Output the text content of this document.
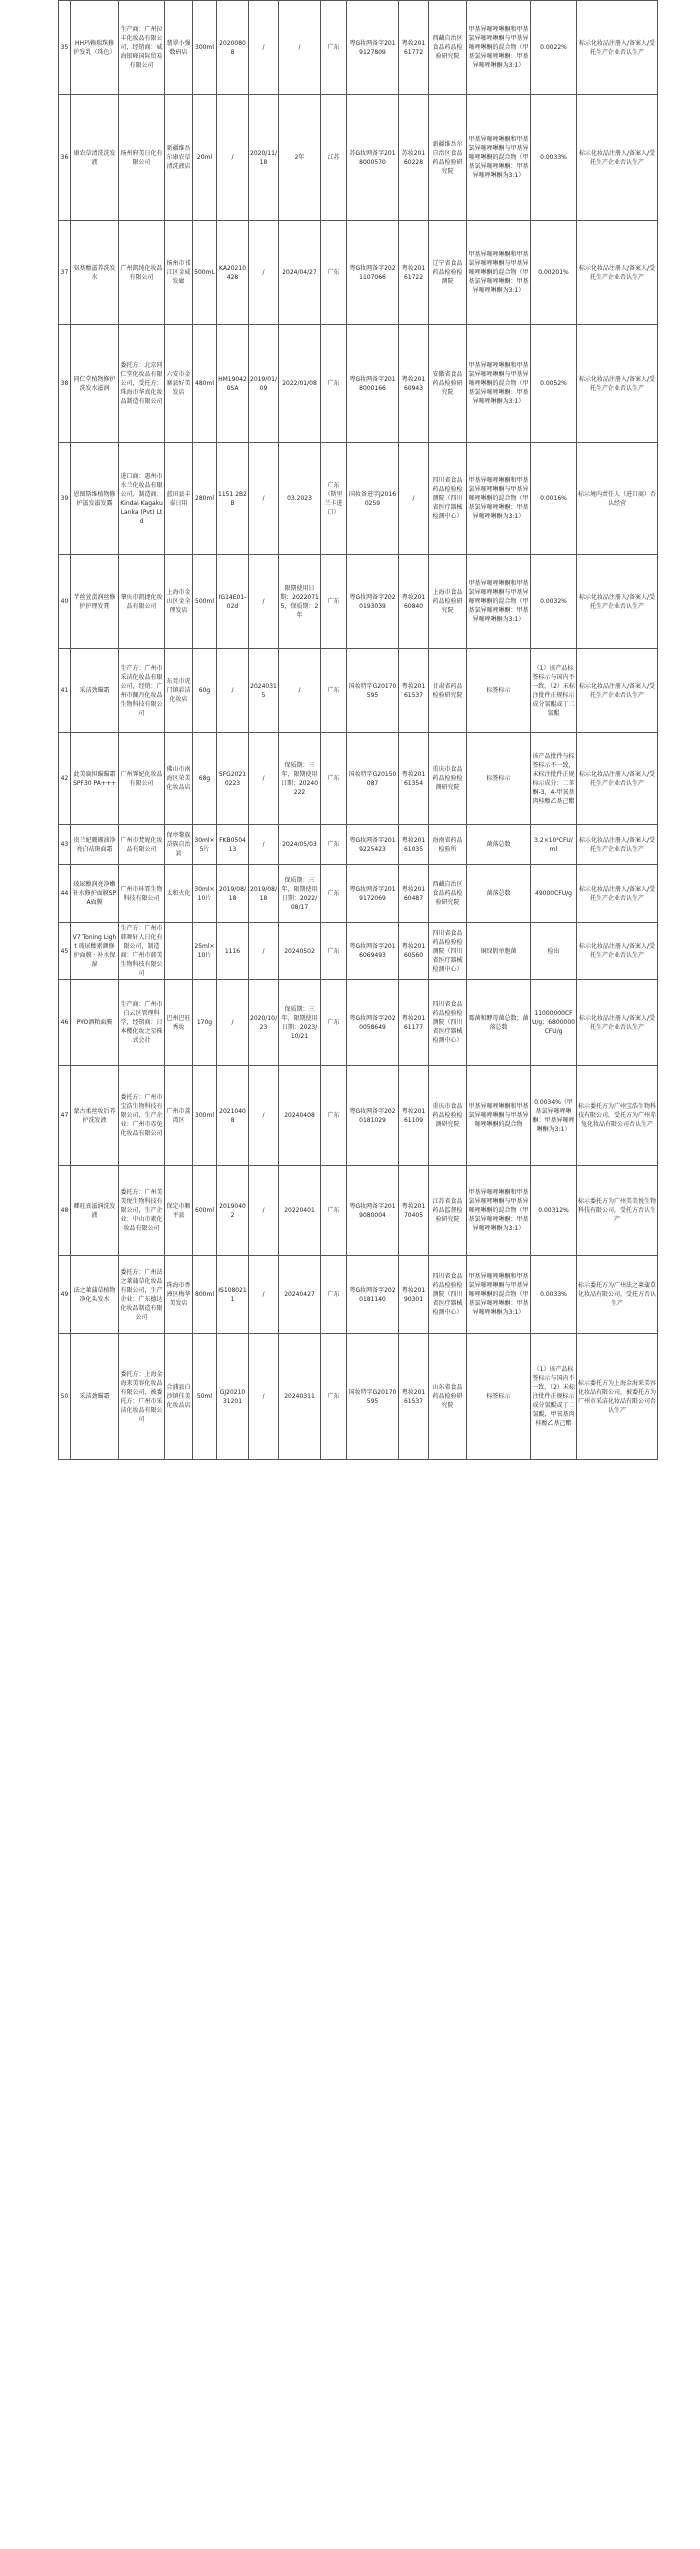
35	HH玛赖瑞珠修护发乳（珠色）	生产商：广州拉丰化妆品有限公司，经销商：威海银峰国际贸易有限公司	翡翠小强数码店	300ml	20200808	/	/	广东	粤G妆网备字2019127809	粤妆20161772	西藏自治区食品药品检验研究院	甲基异噻唑啉酮和甲基氯异噻唑啉酮与甲基异噻唑啉酮的混合物（甲基氯异噻唑啉酮：甲基异噻唑啉酮为3:1）	0.0022%	标示化妆品注册人/备案人/受托生产企业否认生产
36	康农草清洗洗发液	扬州府美日化有限公司	新疆维吾尔康农草清洗液店	20ml	/	2020/11/18	2年	江苏	苏G妆网备字2018000570	苏妆20160228	新疆维吾尔自治区食品药品检验研究院	甲基异噻唑啉酮和甲基氯异噻唑啉酮与甲基异噻唑啉酮的混合物（甲基氯异噻唑啉酮：甲基异噻唑啉酮为3:1）	0.0033%	标示化妆品注册人/备案人/受托生产企业否认生产
37	氨基酸滋养洗发水	广州凯纯化妆品有限公司	扬州市邗江区金威发廊	500mL	KA20210428	/	2024/04/27	广东	粤G妆网备字2021107066	粤妆20161722	辽宁省食品药品检验检测院	甲基异噻唑啉酮和甲基氯异噻唑啉酮与甲基异噻唑啉酮的混合物（甲基氯异噻唑啉酮：甲基异噻唑啉酮为3:1）	0.00201%	标示化妆品注册人/备案人/受托生产企业否认生产
38	同仁堂植物修护洗发水滋润	委托方：北京同仁堂化妆品有限公司，受托方：珠海市华真化妆品制造有限公司	六安市金寨县好美发店	480ml	HM190420SA	2019/01/09	2022/01/08	广东	粤G妆网备字2018000166	粤妆20160943	安徽省食品药品检验研究院	甲基异噻唑啉酮和甲基氯异噻唑啉酮与甲基异噻唑啉酮的混合物（甲基氯异噻唑啉酮：甲基异噻唑啉酮为3:1）	0.0052%	标示化妆品注册人/备案人/受托生产企业否认生产
39	恩图斯维植物修护滋发滋发露	进口商：惠州市水兰化妆品有限公司，制造商：Kindai Kagaku Lanka (Pvt) Ltd	蓝田县丰泰日用	280ml	1151 2B2B	/	03.2023	广东（斯里兰卡进口）	国妆备进字J20160259	/	四川省食品药品检验检测院（四川省医疗器械检测中心）	甲基异噻唑啉酮和甲基氯异噻唑啉酮与甲基异噻唑啉酮的混合物（甲基氯异噻唑啉酮：甲基异噻唑啉酮为3:1）	0.0016%	标示境内责任人（进口商）否认经营
40	芊丝萱蛋润丝修护护理发膏	肇庆市凯捷化妆品有限公司	上海市金山区金全理发店	500ml	IG14E01-02d	/	限期使用日期：20220715，保质期：2年	广东	粤G妆网备字2020193039	粤妆20160840	上海市食品药品检验研究院	甲基异噻唑啉酮和甲基氯异噻唑啉酮与甲基异噻唑啉酮的混合物（甲基氯异噻唑啉酮：甲基异噻唑啉酮为3:1）	0.0032%	标示化妆品注册人/备案人/受托生产企业否认生产
41	采洁劲瞄霜	生产方：广州市采洁化妆品有限公司，经销：广州市佩丹化妆品生物科技有限公司	东莞市虎门镇彩洁化妆店	60g	/	20240315	/	广东	国妆特字G20170595	粤妆20161537	甘肃省药品检验研究院	标签标示	（1）该产品标签标示与国内不一致，（2）未标注批件正规标示成分氢醌或丁二氢醌	标示化妆品注册人/备案人/受托生产企业否认生产
42	此美扁担瞄瞄霜SPF30 PA+++	广州霁妃化妆品有限公司	佛山市南海区荣美化妆品店	68g	SFG20210223	/	保质期：三年，限期使用日期：20240222	广东	国妆特字G20150087	粤妆20161354	重庆市食品药品检验检测研究院	标签标示	该产品批件与标签标示不一致，未标注批件正规标示成分：二苯酮-3，4-甲氧基肉桂酸乙基己酯	标示化妆品注册人/备案人/受托生产企业否认生产
43	贵兰妃珊瑚油净亮白祛斑面霜	广州市梵妮化妆品有限公司	保亭黎族苗族自治县	30ml×5片	FKB050413	/	2024/05/03	广东	粤G妆网备字2019225423	粤妆20161035	海南省药品检验所	菌落总数	3.2×10⁴CFU/ml	标示化妆品注册人/备案人/受托生产企业否认生产
44	玻尿酸润亮净嫩补水修护面膜SPA面膜	广州市环霏生物科技有限公司	太和火化	30ml×10片	2019/08/18	2019/08/18	保质期：三年，限期使用日期：2022/08/17	广东	粤G妆网备字2019172069	粤妆20160487	西藏自治区食品药品检验研究院	菌落总数	49000CFU/g	标示化妆品注册人/备案人/受托生产企业否认生产
45	V7 Toning Light 玻尿酸素颜修护面膜 · 补水保湿	生产方：广州市韩舞轩人日化有限公司，制造商：广州市韩美生物科技有限公司		25ml×10片	1116	/	20240502	广东	粤G妆网备字2016069493	粤妆20160560	四川省食品药品检验检测院（四川省医疗器械检测中心）	铜绿假单胞菌	检出	标示化妆品注册人/备案人/受托生产企业否认生产
46	PYO酒粕面膜	生产商：广州市白云区管理科学，经销商：日本樱化妆之星株式会社	巴州巴旺秀妆	170g	/	2020/10/23	保质期：三年，限期使用日期：2023/10/21	广东	粤G妆网备字2020058649	粤妆20161177	四川省食品药品检验检测院（四川省医疗器械检测中心）	霉菌和酵母菌总数；菌落总数	11000000CFU/g；6800000CFU/g	标示化妆品注册人/备案人/受托生产企业否认生产
47	蒙古柔丝妆后养护洗发液	委托方：广州市宝浩生物科技有限公司，生产企业：广州市赤兔化妆品有限公司	广州市荔湾区	300ml	20210408	/	20240408	广东	粤G妆网备字2020181029	粤妆20161109	重庆市食品药品检验检测研究院	甲基异噻唑啉酮和甲基氯异噻唑啉酮与甲基异噻唑啉酮的混合物	0.0034%（甲基氯异噻唑啉酮：甲基异噻唑啉酮为3:1）	标示委托方为广州宝浩生物科技有限公司，受托方为广州赤兔化妆品有限公司否认生产
48	卿旺真滋润洗发液	委托方：广州美美悦生物科技有限公司，生产企业：中山市素化妆品有限公司	保定市顺平县	600ml	20190402	/	20220401	广东	粤G妆网备字2019080004	粤妆20170405	江苏省食品药品监督检验研究院	甲基异噻唑啉酮和甲基氯异噻唑啉酮与甲基异噻唑啉酮的混合物（甲基氯异噻唑啉酮：甲基异噻唑啉酮为3:1）	0.00312%	标示委托方为广州美美悦生物科技有限公司，受托方否认生产
49	法之莱蒲草植物净化头发水	委托方：广州法之莱蒲草化妆品有限公司，生产企业：广东德达化妆品制造有限公司	珠海市香洲区梅华美发店	800ml	IS1080211	/	20240427	广东	粤G妆网备字2020181140	粤妆20190301	四川省食品药品检验检测院（四川省医疗器械检测中心）	甲基异噻唑啉酮和甲基氯异噻唑啉酮与甲基异噻唑啉酮的混合物（甲基氯异噻唑啉酮：甲基异噻唑啉酮为3:1）	0.0033%	标示委托方为广州法之莱蒲草化妆品有限公司，受托方否认生产
50	采洁劲瞄霜	委托方：上海金海来美容化妆品有限公司，被委托方：广州市采洁化妆品有限公司	合浦县白沙镇佳美化妆品店	50ml	GJ2021031201	/	20240311	广东	国妆特字G20170595	粤妆20161537	山东省食品药品检验研究院	标签标示	（1）该产品标签标示与国内不一致，（2）未标注批件正规标示成分氢醌或丁二氢醌，甲氧基肉桂酸乙基己酯	标示委托方为上海金海来美容化妆品有限公司，被委托方为广州市采洁化妆品有限公司否认生产
